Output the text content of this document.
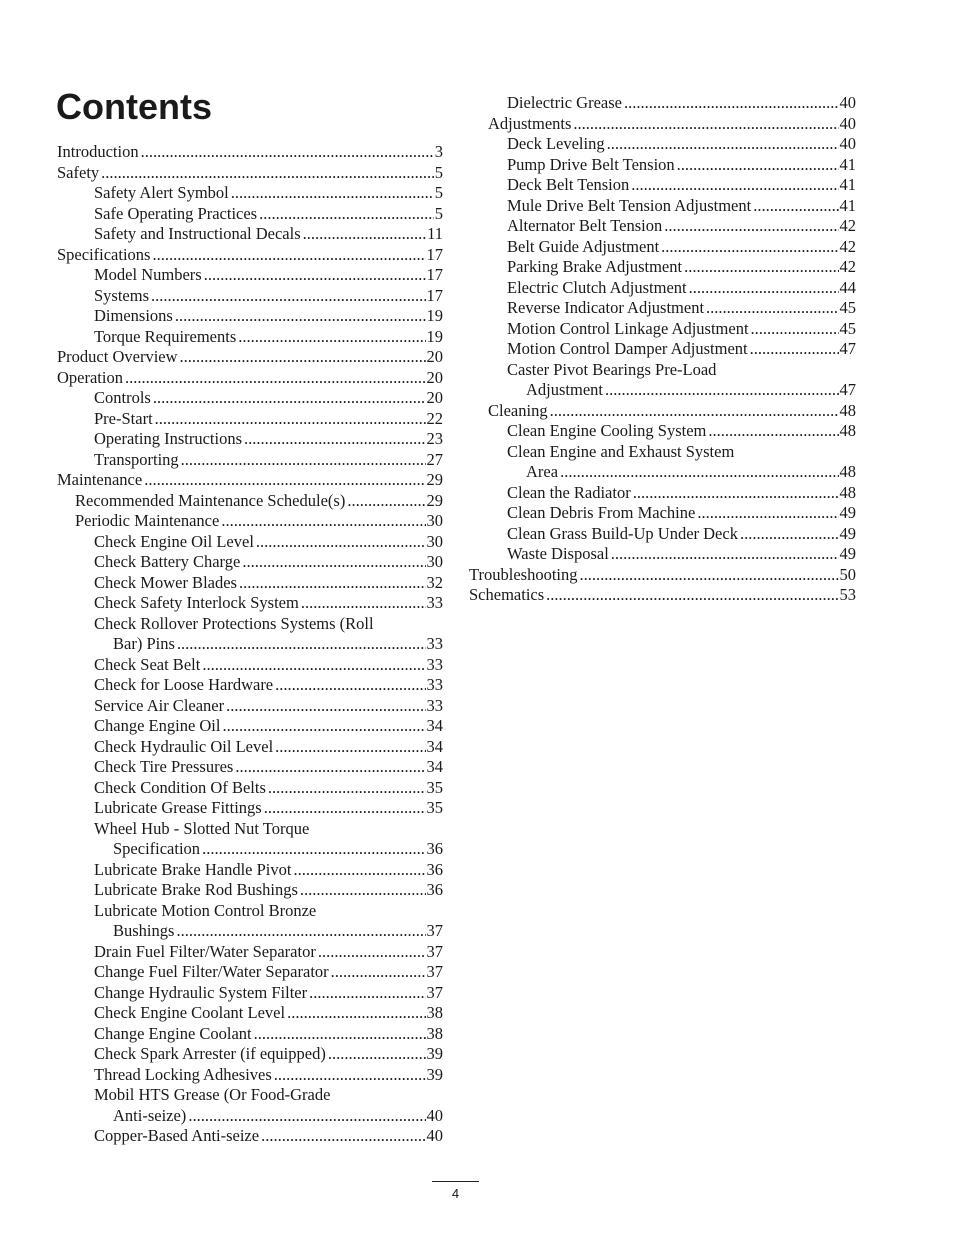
Contents
Introduction .....	3
Safety .....	5
Safety Alert Symbol .....	5
Safe Operating Practices .....	5
Safety and Instructional Decals .....	11
Specifications .....	17
Model Numbers .....	17
Systems .....	17
Dimensions .....	19
Torque Requirements .....	19
Product Overview .....	20
Operation .....	20
Controls .....	20
Pre-Start .....	22
Operating Instructions .....	23
Transporting .....	27
Maintenance .....	29
Recommended Maintenance Schedule(s) .....	29
Periodic Maintenance .....	30
Check Engine Oil Level .....	30
Check Battery Charge .....	30
Check Mower Blades .....	32
Check Safety Interlock System .....	33
Check Rollover Protections Systems (Roll
Bar) Pins .....	33
Check Seat Belt .....	33
Check for Loose Hardware .....	33
Service Air Cleaner .....	33
Change Engine Oil .....	34
Check Hydraulic Oil Level .....	34
Check Tire Pressures .....	34
Check Condition Of Belts .....	35
Lubricate Grease Fittings .....	35
Wheel Hub - Slotted Nut Torque
Specification .....	36
Lubricate Brake Handle Pivot .....	36
Lubricate Brake Rod Bushings .....	36
Lubricate Motion Control Bronze
Bushings .....	37
Drain Fuel Filter/Water Separator .....	37
Change Fuel Filter/Water Separator .....	37
Change Hydraulic System Filter .....	37
Check Engine Coolant Level .....	38
Change Engine Coolant .....	38
Check Spark Arrester (if equipped) .....	39
Thread Locking Adhesives .....	39
Mobil HTS Grease (Or Food-Grade
Anti-seize) .....	40
Copper-Based Anti-seize .....	40
Dielectric Grease .....	40
Adjustments .....	40
Deck Leveling .....	40
Pump Drive Belt Tension .....	41
Deck Belt Tension .....	41
Mule Drive Belt Tension Adjustment .....	41
Alternator Belt Tension .....	42
Belt Guide Adjustment .....	42
Parking Brake Adjustment .....	42
Electric Clutch Adjustment .....	44
Reverse Indicator Adjustment .....	45
Motion Control Linkage Adjustment .....	45
Motion Control Damper Adjustment .....	47
Caster Pivot Bearings Pre-Load
Adjustment .....	47
Cleaning .....	48
Clean Engine Cooling System .....	48
Clean Engine and Exhaust System
Area .....	48
Clean the Radiator .....	48
Clean Debris From Machine .....	49
Clean Grass Build-Up Under Deck .....	49
Waste Disposal .....	49
Troubleshooting .....	50
Schematics .....	53
4
